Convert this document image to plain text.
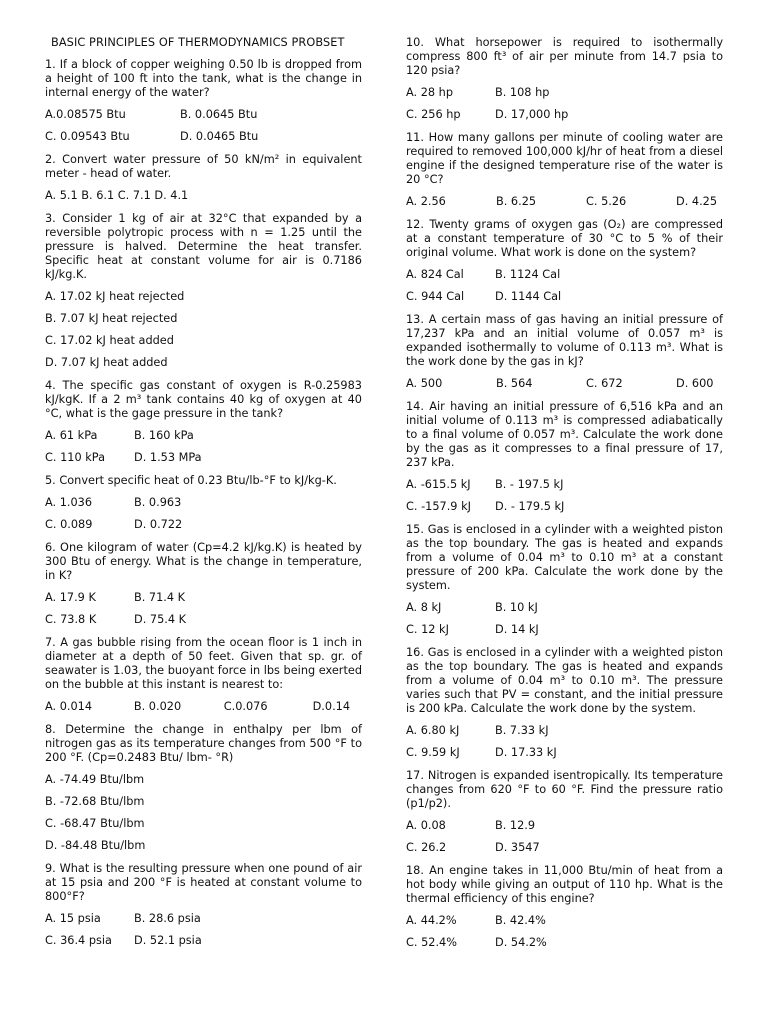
BASIC PRINCIPLES OF THERMODYNAMICS PROBSET
1. If a block of copper weighing 0.50 lb is dropped from a height of 100 ft into the tank, what is the change in internal energy of the water?
A.0.08575 Btu	B. 0.0645 Btu
C. 0.09543 Btu	D. 0.0465 Btu
2. Convert water pressure of 50 kN/m² in equivalent meter - head of water.
A. 5.1 B. 6.1 C. 7.1 D. 4.1
3. Consider 1 kg of air at 32°C that expanded by a reversible polytropic process with n = 1.25 until the pressure is halved. Determine the heat transfer. Specific heat at constant volume for air is 0.7186 kJ/kg.K.
A. 17.02 kJ heat rejected
B. 7.07 kJ heat rejected
C. 17.02 kJ heat added
D. 7.07 kJ heat added
4. The specific gas constant of oxygen is R-0.25983 kJ/kgK. If a 2 m³ tank contains 40 kg of oxygen at 40 °C, what is the gage pressure in the tank?
A. 61 kPa	B. 160 kPa
C. 110 kPa	D. 1.53 MPa
5. Convert specific heat of 0.23 Btu/lb-°F to kJ/kg-K.
A. 1.036	B. 0.963
C. 0.089	D. 0.722
6. One kilogram of water (Cp=4.2 kJ/kg.K) is heated by 300 Btu of energy. What is the change in temperature, in K?
A. 17.9 K	B. 71.4 K
C. 73.8 K	D. 75.4 K
7. A gas bubble rising from the ocean floor is 1 inch in diameter at a depth of 50 feet. Given that sp. gr. of seawater is 1.03, the buoyant force in lbs being exerted on the bubble at this instant is nearest to:
A. 0.014	B. 0.020	C.0.076	D.0.14
8. Determine the change in enthalpy per lbm of nitrogen gas as its temperature changes from 500 °F to 200 °F. (Cp=0.2483 Btu/ lbm- °R)
A. -74.49 Btu/lbm
B. -72.68 Btu/lbm
C. -68.47 Btu/lbm
D. -84.48 Btu/lbm
9. What is the resulting pressure when one pound of air at 15 psia and 200 °F is heated at constant volume to 800°F?
A. 15 psia	B. 28.6 psia
C. 36.4 psia	D. 52.1 psia
10. What horsepower is required to isothermally compress 800 ft³ of air per minute from 14.7 psia to 120 psia?
A. 28 hp	B. 108 hp
C. 256 hp	D. 17,000 hp
11. How many gallons per minute of cooling water are required to removed 100,000 kJ/hr of heat from a diesel engine if the designed temperature rise of the water is 20 °C?
A. 2.56	B. 6.25	C. 5.26	D. 4.25
12. Twenty grams of oxygen gas (O₂) are compressed at a constant temperature of 30 °C to 5 % of their original volume. What work is done on the system?
A. 824 Cal	B. 1124 Cal
C. 944 Cal	D. 1144 Cal
13. A certain mass of gas having an initial pressure of 17,237 kPa and an initial volume of 0.057 m³ is expanded isothermally to volume of 0.113 m³. What is the work done by the gas in kJ?
A. 500	B. 564	C. 672	D. 600
14. Air having an initial pressure of 6,516 kPa and an initial volume of 0.113 m³ is compressed adiabatically to a final volume of 0.057 m³. Calculate the work done by the gas as it compresses to a final pressure of 17, 237 kPa.
A. -615.5 kJ	B. - 197.5 kJ
C. -157.9 kJ	D. - 179.5 kJ
15. Gas is enclosed in a cylinder with a weighted piston as the top boundary. The gas is heated and expands from a volume of 0.04 m³ to 0.10 m³ at a constant pressure of 200 kPa. Calculate the work done by the system.
A. 8 kJ	B. 10 kJ
C. 12 kJ	D. 14 kJ
16. Gas is enclosed in a cylinder with a weighted piston as the top boundary. The gas is heated and expands from a volume of 0.04 m³ to 0.10 m³. The pressure varies such that PV = constant, and the initial pressure is 200 kPa. Calculate the work done by the system.
A. 6.80 kJ	B. 7.33 kJ
C. 9.59 kJ	D. 17.33 kJ
17. Nitrogen is expanded isentropically. Its temperature changes from 620 °F to 60 °F. Find the pressure ratio (p1/p2).
A. 0.08	B. 12.9
C. 26.2	D. 3547
18. An engine takes in 11,000 Btu/min of heat from a hot body while giving an output of 110 hp. What is the thermal efficiency of this engine?
A. 44.2%	B. 42.4%
C. 52.4%	D. 54.2%
